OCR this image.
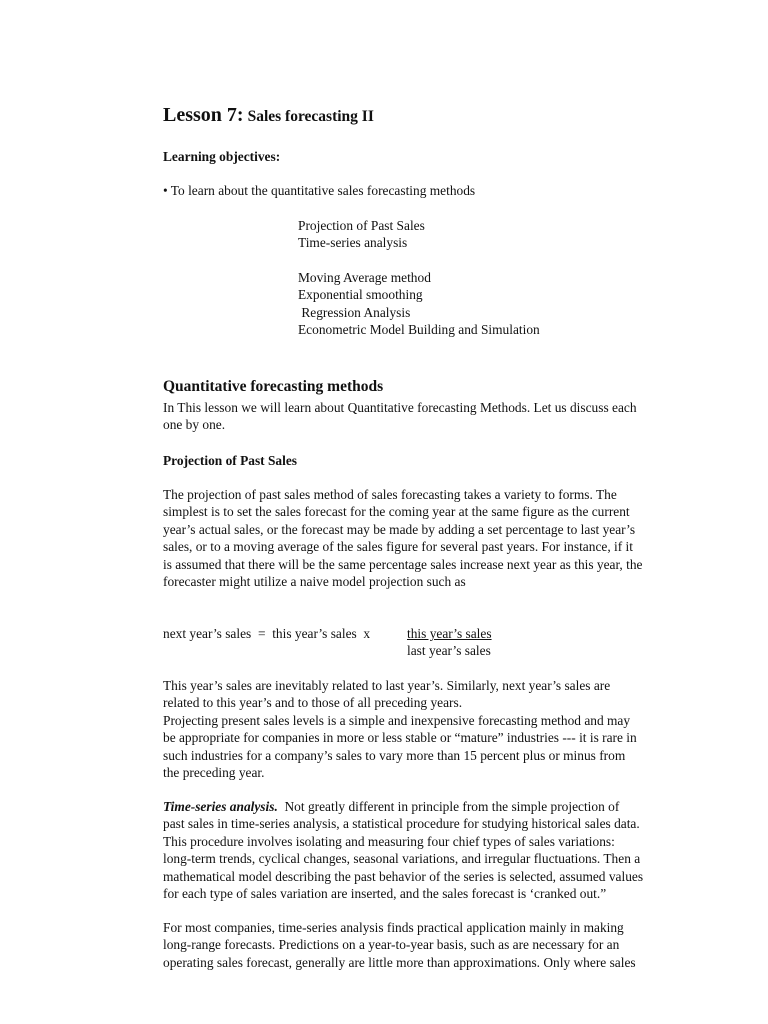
Lesson 7: Sales forecasting II
Learning objectives:
• To learn about the quantitative sales forecasting methods
Projection of Past Sales
Time-series analysis
Moving Average method
Exponential smoothing
Regression Analysis
Econometric Model Building and Simulation
Quantitative forecasting methods
In This lesson we will learn about Quantitative forecasting Methods. Let us discuss each
one by one.
Projection of Past Sales
The projection of past sales method of sales forecasting takes a variety to forms. The
simplest is to set the sales forecast for the coming year at the same figure as the current
year’s actual sales, or the forecast may be made by adding a set percentage to last year’s
sales, or to a moving average of the sales figure for several past years. For instance, if it
is assumed that there will be the same percentage sales increase next year as this year, the
forecaster might utilize a naive model projection such as
next year’s sales  =  this year’s sales  x	this year’s sales
last year’s sales
This year’s sales are inevitably related to last year’s. Similarly, next year’s sales are
related to this year’s and to those of all preceding years.
Projecting present sales levels is a simple and inexpensive forecasting method and may
be appropriate for companies in more or less stable or “mature” industries --- it is rare in
such industries for a company’s sales to vary more than 15 percent plus or minus from
the preceding year.
Time-series analysis.  Not greatly different in principle from the simple projection of
past sales in time-series analysis, a statistical procedure for studying historical sales data.
This procedure involves isolating and measuring four chief types of sales variations:
long-term trends, cyclical changes, seasonal variations, and irregular fluctuations. Then a
mathematical model describing the past behavior of the series is selected, assumed values
for each type of sales variation are inserted, and the sales forecast is ‘cranked out.”
For most companies, time-series analysis finds practical application mainly in making
long-range forecasts. Predictions on a year-to-year basis, such as are necessary for an
operating sales forecast, generally are little more than approximations. Only where sales
